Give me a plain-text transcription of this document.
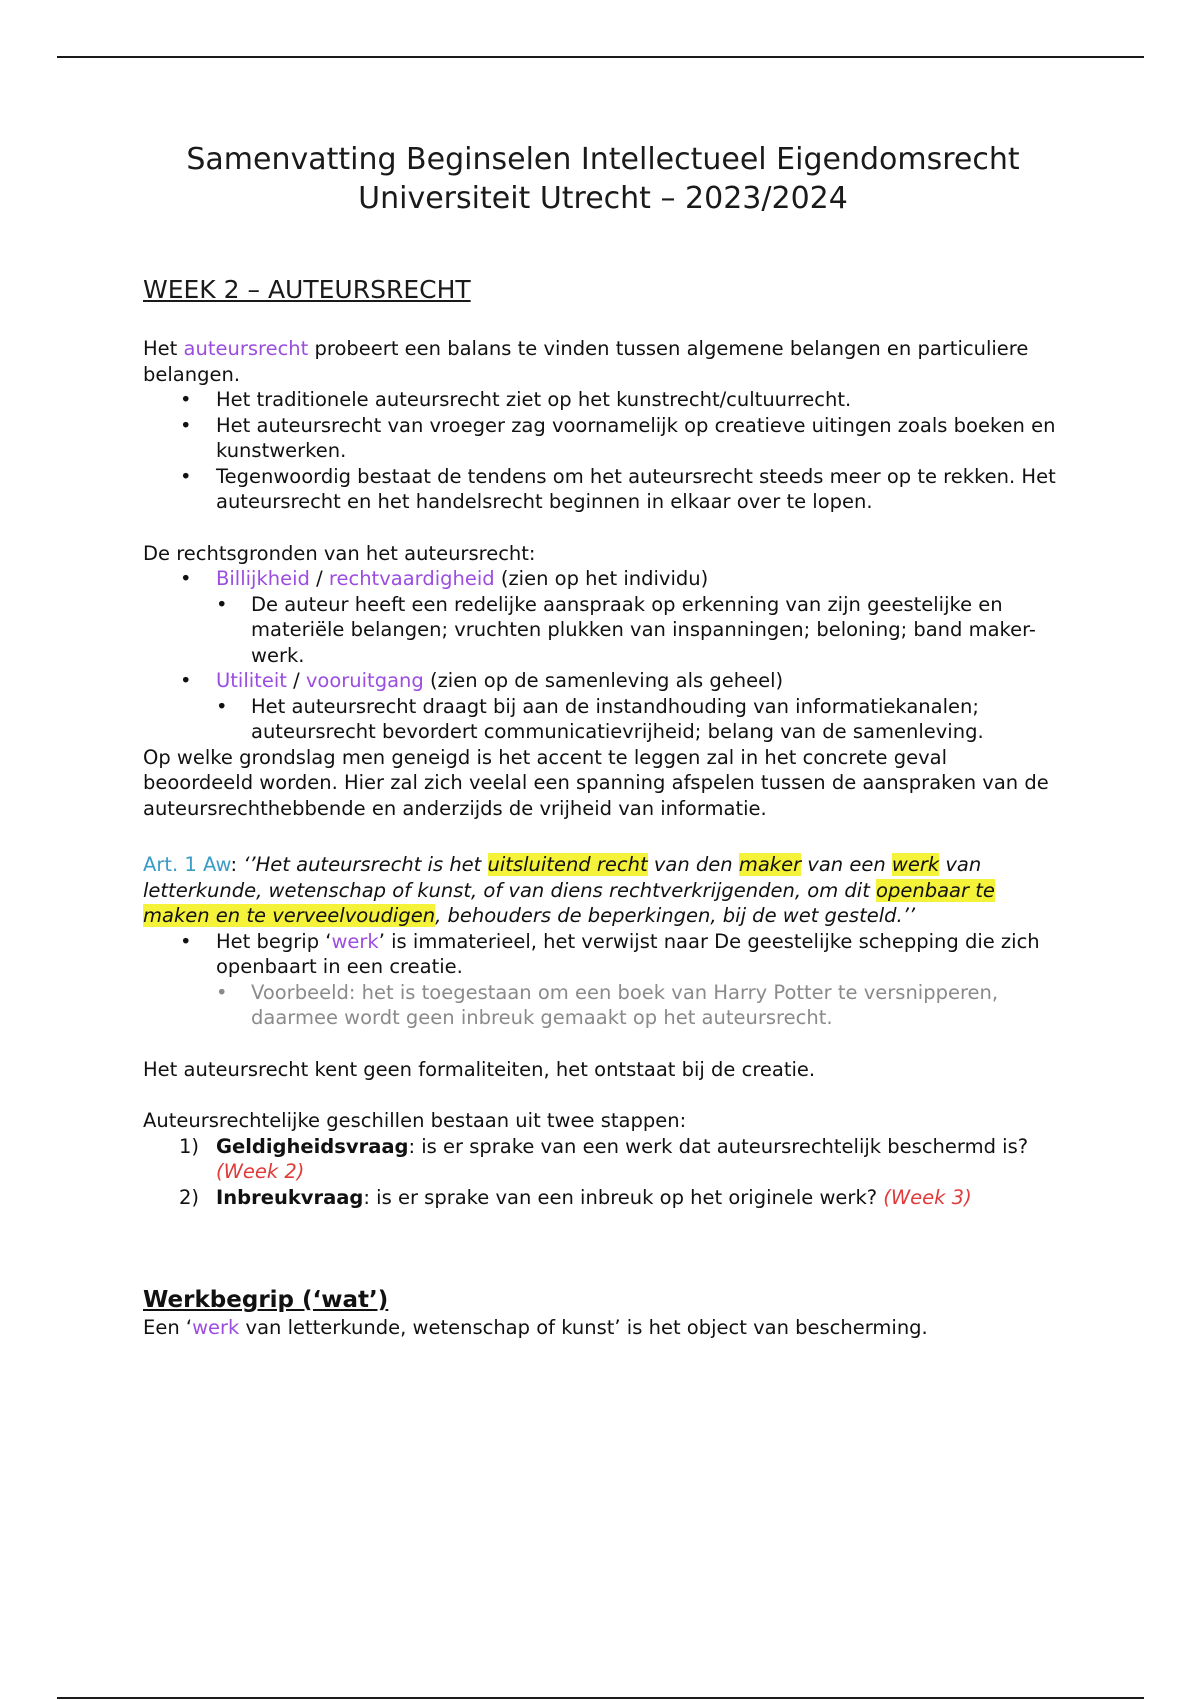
Samenvatting Beginselen Intellectueel Eigendomsrecht
Universiteit Utrecht – 2023/2024
WEEK 2 – AUTEURSRECHT

Het auteursrecht probeert een balans te vinden tussen algemene belangen en particuliere belangen.

• Het traditionele auteursrecht ziet op het kunstrecht/cultuurrecht.
• Het auteursrecht van vroeger zag voornamelijk op creatieve uitingen zoals boeken en kunstwerken.
• Tegenwoordig bestaat de tendens om het auteursrecht steeds meer op te rekken. Het auteursrecht en het handelsrecht beginnen in elkaar over te lopen.

De rechtsgronden van het auteursrecht:

• Billijkheid / rechtvaardigheid (zien op het individu)
• De auteur heeft een redelijke aanspraak op erkenning van zijn geestelijke en materiële belangen; vruchten plukken van inspanningen; beloning; band maker-werk.
• Utiliteit / vooruitgang (zien op de samenleving als geheel)
• Het auteursrecht draagt bij aan de instandhouding van informatiekanalen; auteursrecht bevordert communicatievrijheid; belang van de samenleving.

Op welke grondslag men geneigd is het accent te leggen zal in het concrete geval beoordeeld worden. Hier zal zich veelal een spanning afspelen tussen de aanspraken van de auteursrechthebbende en anderzijds de vrijheid van informatie.

Art. 1 Aw: ‘’Het auteursrecht is het uitsluitend recht van den maker van een werk van letterkunde, wetenschap of kunst, of van diens rechtverkrijgenden, om dit openbaar te maken en te verveelvoudigen, behouders de beperkingen, bij de wet gesteld.’’

• Het begrip ‘werk’ is immaterieel, het verwijst naar De geestelijke schepping die zich openbaart in een creatie.
• Voorbeeld: het is toegestaan om een boek van Harry Potter te versnipperen, daarmee wordt geen inbreuk gemaakt op het auteursrecht.

Het auteursrecht kent geen formaliteiten, het ontstaat bij de creatie.

Auteursrechtelijke geschillen bestaan uit twee stappen:

1) Geldigheidsvraag: is er sprake van een werk dat auteursrechtelijk beschermd is? (Week 2)
2) Inbreukvraag: is er sprake van een inbreuk op het originele werk? (Week 3)
Werkbegrip (‘wat’)

Een ‘werk van letterkunde, wetenschap of kunst’ is het object van bescherming.
